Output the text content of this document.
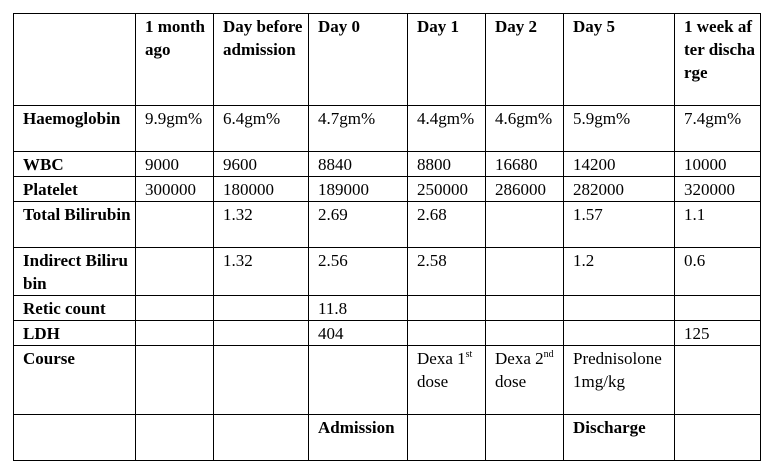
	1 month ago	Day before admission	Day 0	Day 1	Day 2	Day 5	1 week after discharge
Haemoglobin	9.9gm%	6.4gm%	4.7gm%	4.4gm%	4.6gm%	5.9gm%	7.4gm%
WBC	9000	9600	8840	8800	16680	14200	10000
Platelet	300000	180000	189000	250000	286000	282000	320000
Total Bilirubin		1.32	2.69	2.68		1.57	1.1
Indirect Bilirubin		1.32	2.56	2.58		1.2	0.6
Retic count			11.8				
LDH			404				125
Course				Dexa 1st dose	Dexa 2nd dose	Prednisolone 1mg/kg	
			Admission			Discharge	
